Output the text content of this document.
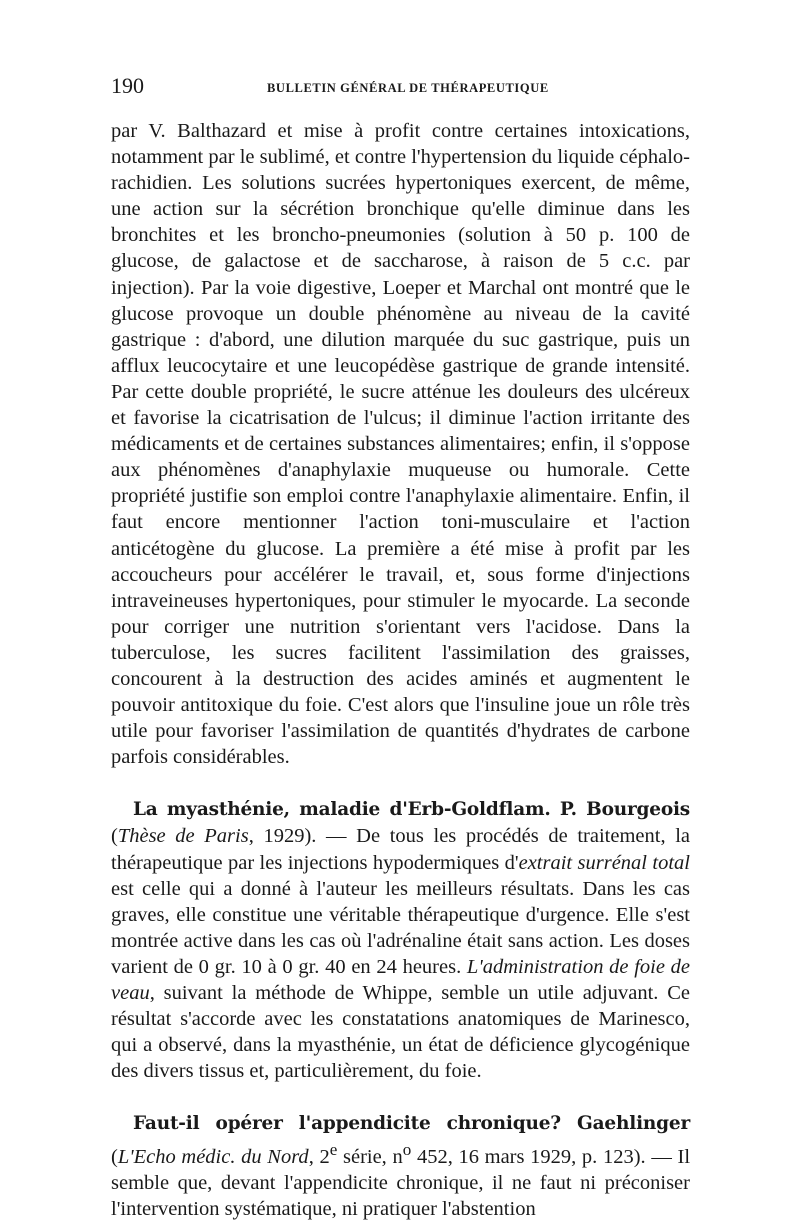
190	BULLETIN GÉNÉRAL DE THÉRAPEUTIQUE

par V. Balthazard et mise à profit contre certaines intoxications, notamment par le sublimé, et contre l'hypertension du liquide céphalo-rachidien. Les solutions sucrées hypertoniques exercent, de même, une action sur la sécrétion bronchique qu'elle diminue dans les bronchites et les broncho-pneumonies (solution à 50 p. 100 de glucose, de galactose et de saccharose, à raison de 5 c.c. par injection). Par la voie digestive, Loeper et Marchal ont montré que le glucose provoque un double phénomène au niveau de la cavité gastrique : d'abord, une dilution marquée du suc gastrique, puis un afflux leucocytaire et une leucopédèse gastrique de grande intensité. Par cette double propriété, le sucre atténue les douleurs des ulcéreux et favorise la cicatrisation de l'ulcus; il diminue l'action irritante des médicaments et de certaines substances alimentaires; enfin, il s'oppose aux phénomènes d'anaphylaxie muqueuse ou humorale. Cette propriété justifie son emploi contre l'anaphylaxie alimentaire. Enfin, il faut encore mentionner l'action toni-musculaire et l'action anticétogène du glucose. La première a été mise à profit par les accoucheurs pour accélérer le travail, et, sous forme d'injections intraveineuses hypertoniques, pour stimuler le myocarde. La seconde pour corriger une nutrition s'orientant vers l'acidose. Dans la tuberculose, les sucres facilitent l'assimilation des graisses, concourent à la destruction des acides aminés et augmentent le pouvoir antitoxique du foie. C'est alors que l'insuline joue un rôle très utile pour favoriser l'assimilation de quantités d'hydrates de carbone parfois considérables.

La myasthénie, maladie d'Erb-Goldflam. P. Bourgeois (Thèse de Paris, 1929). — De tous les procédés de traitement, la thérapeutique par les injections hypodermiques d'extrait surrénal total est celle qui a donné à l'auteur les meilleurs résultats. Dans les cas graves, elle constitue une véritable thérapeutique d'urgence. Elle s'est montrée active dans les cas où l'adrénaline était sans action. Les doses varient de 0 gr. 10 à 0 gr. 40 en 24 heures. L'administration de foie de veau, suivant la méthode de Whippe, semble un utile adjuvant. Ce résultat s'accorde avec les constatations anatomiques de Marinesco, qui a observé, dans la myasthénie, un état de déficience glycogénique des divers tissus et, particulièrement, du foie.

Faut-il opérer l'appendicite chronique? Gaehlinger (L'Echo médic. du Nord, 2e série, $n^o$ 452, 16 mars 1929, p. 123). — Il semble que, devant l'appendicite chronique, il ne faut ni préconiser l'intervention systématique, ni pratiquer l'abstention
